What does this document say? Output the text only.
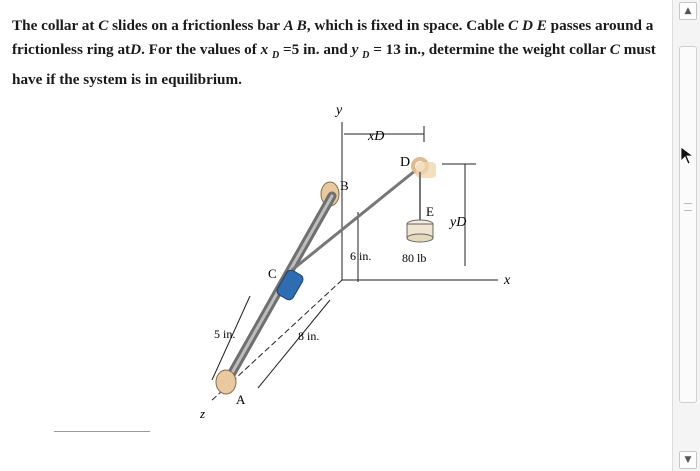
The collar at C slides on a frictionless bar A B, which is fixed in space. Cable C D E passes around a frictionless ring atD. For the values of x $_D$ =5 in. and y $_D$ = 13 in., determine the weight collar C must have if the system is in equilibrium.
y
x
z
xD
yD
6 in.
5 in.	8 in.
B
A
D
E
80 lb
C
▲
▼
